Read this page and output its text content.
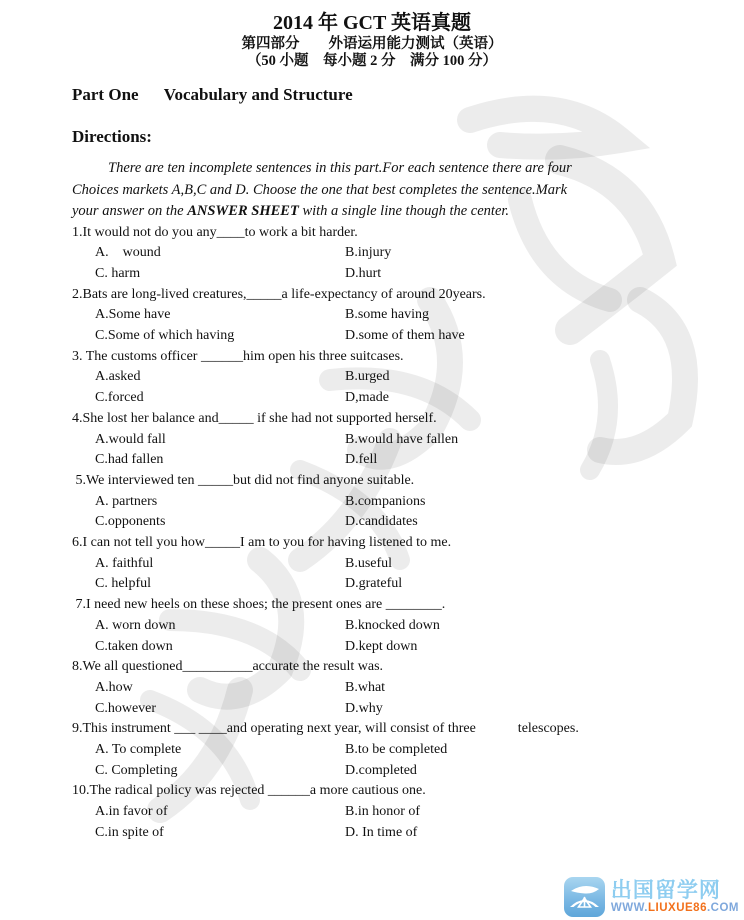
2014 年 GCT 英语真题
第四部分　　外语运用能力测试（英语）
（50 小题　每小题 2 分　满分 100 分）
Part One      Vocabulary and Structure
Directions:
There are ten incomplete sentences in this part.For each sentence there are four
Choices markets A,B,C and D. Choose the one that best completes the sentence.Mark
your answer on the ANSWER SHEET with a single line though the center.
1.It would not do you any____to work a bit harder.
A.    wound	B.injury
C. harm	D.hurt
2.Bats are long-lived creatures,_____a life-expectancy of around 20years.
A.Some have	B.some having
C.Some of which having	D.some of them have
3. The customs officer ______him open his three suitcases.
A.asked	B.urged
C.forced	D,made
4.She lost her balance and_____ if she had not supported herself.
A.would fall	B.would have fallen
C.had fallen	D.fell
5.We interviewed ten _____but did not find anyone suitable.
A. partners	B.companions
C.opponents	D.candidates
6.I can not tell you how_____I am to you for having listened to me.
A. faithful	B.useful
C. helpful	D.grateful
7.I need new heels on these shoes; the present ones are ________.
A. worn down	B.knocked down
C.taken down	D.kept down
8.We all questioned__________accurate the result was.
A.how	B.what
C.however	D.why
9.This instrument ___ ____and operating next year, will consist of three            telescopes.
A. To complete	B.to be completed
C. Completing	D.completed
10.The radical policy was rejected ______a more cautious one.
A.in favor of	B.in honor of
C.in spite of	D. In time of
出国留学网
WWW.LIUXUE86.COM
